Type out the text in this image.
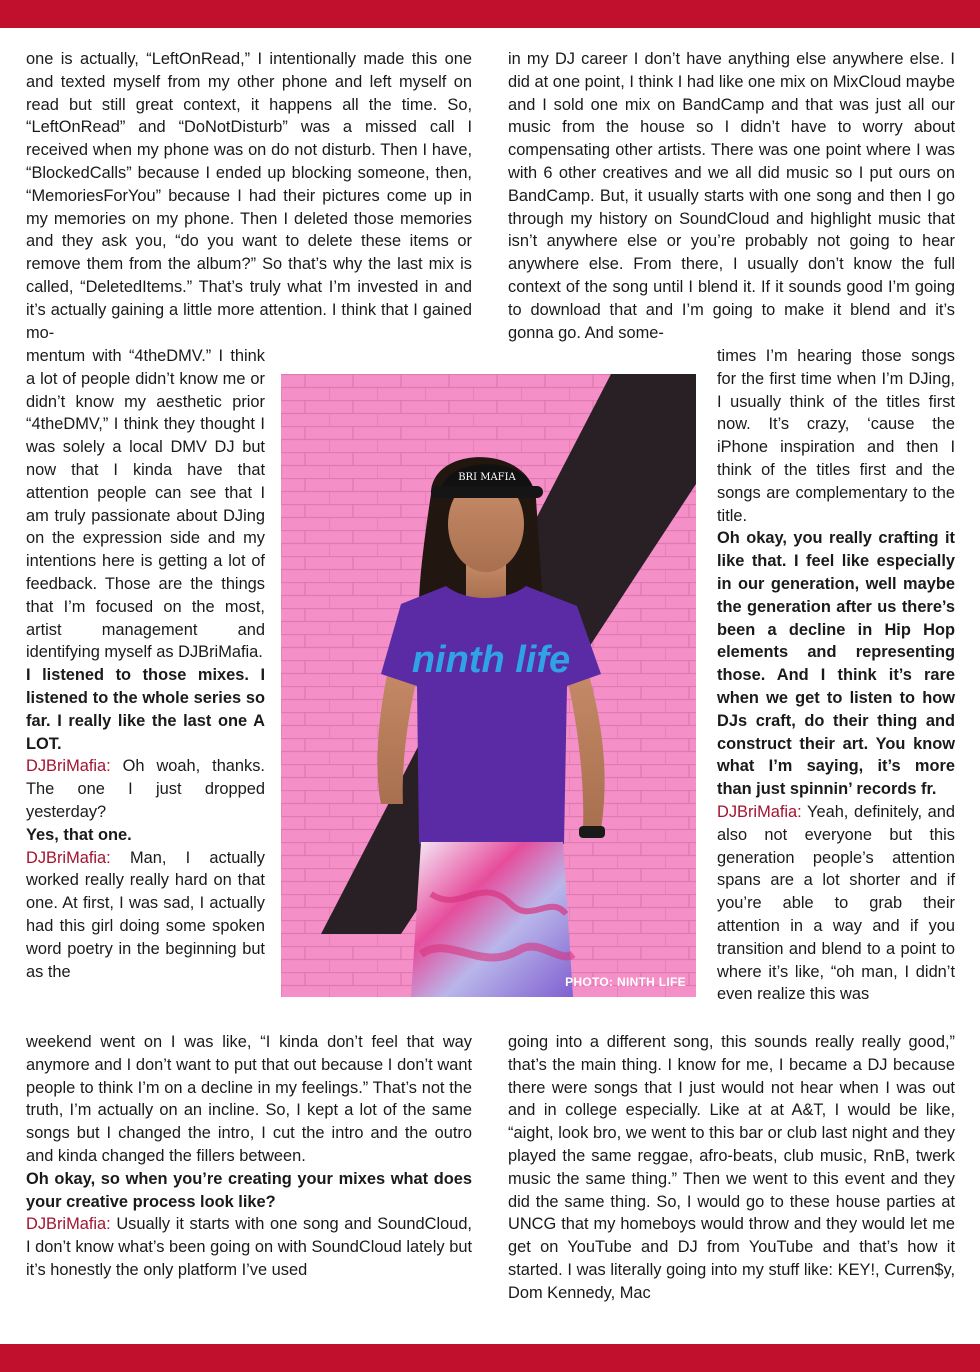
one is actually, “LeftOnRead,” I intentionally made this one and texted myself from my other phone and left myself on read but still great context, it happens all the time. So, “LeftOnRead” and “DoNotDisturb” was a missed call I received when my phone was on do not disturb. Then I have, “BlockedCalls” because I ended up blocking someone, then, “MemoriesForYou” because I had their pictures come up in my memories on my phone. Then I deleted those memories and they ask you, “do you want to delete these items or remove them from the album?” So that’s why the last mix is called, “DeletedItems.” That’s truly what I’m invested in and it’s actually gaining a little more attention. I think that I gained mo-

mentum with “4theDMV.” I think a lot of people didn’t know me or didn’t know my aesthetic prior “4theDMV,” I think they thought I was solely a local DMV DJ but now that I kinda have that attention people can see that I am truly passionate about DJing on the expression side and my intentions here is getting a lot of feedback. Those are the things that I’m focused on the most, artist management and identifying myself as DJBriMafia.
I listened to those mixes. I listened to the whole series so far. I really like the last one A LOT.
DJBriMafia: Oh woah, thanks. The one I just dropped yesterday?
Yes, that one.
DJBriMafia: Man, I actually worked really really hard on that one. At first, I was sad, I actually had this girl doing some spoken word poetry in the beginning but as the
weekend went on I was like, “I kinda don’t feel that way anymore and I don’t want to put that out because I don’t want people to think I’m on a decline in my feelings.” That’s not the truth, I’m actually on an incline. So, I kept a lot of the same songs but I changed the intro, I cut the intro and the outro and kinda changed the fillers between.
Oh okay, so when you’re creating your mixes what does your creative process look like?
DJBriMafia: Usually it starts with one song and SoundCloud, I don’t know what’s been going on with SoundCloud lately but it’s honestly the only platform I’ve used

in my DJ career I don’t have anything else anywhere else. I did at one point, I think I had like one mix on MixCloud maybe and I sold one mix on BandCamp and that was just all our music from the house so I didn’t have to worry about compensating other artists. There was one point where I was with 6 other creatives and we all did music so I put ours on BandCamp. But, it usually starts with one song and then I go through my history on SoundCloud and highlight music that isn’t anywhere else or you’re probably not going to hear anywhere else. From there, I usually don’t know the full context of the song until I blend it. If it sounds good I’m going to download that and I’m going to make it blend and it’s gonna go. And some-

times I’m hearing those songs for the first time when I’m DJing, I usually think of the titles first now. It’s crazy, ‘cause the iPhone inspiration and then I think of the titles first and the songs are complementary to the title.
Oh okay, you really crafting it like that. I feel like especially in our generation, well maybe the generation after us there’s been a decline in Hip Hop elements and representing those. And I think it’s rare when we get to listen to how DJs craft, do their thing and construct their art. You know what I’m saying, it’s more than just spinnin’ records fr.
DJBriMafia: Yeah, definitely, and also not everyone but this generation people’s attention spans are a lot shorter and if you’re able to grab their attention in a way and if you transition and blend to a point to where it’s like, “oh man, I didn’t even realize this was

going into a different song, this sounds really really good,” that’s the main thing. I know for me, I became a DJ because there were songs that I just would not hear when I was out and in college especially. Like at at A&T, I would be like, “aight, look bro, we went to this bar or club last night and they played the same reggae, afro-beats, club music, RnB, twerk music the same thing.” Then we went to this event and they did the same thing. So, I would go to these house parties at UNCG that my homeboys would throw and they would let me get on YouTube and DJ from YouTube and that’s how it started. I was literally going into my stuff like: KEY!, Curren$y, Dom Kennedy, Mac

BRI MAFIA
ninth life
PHOTO: NINTH LIFE
